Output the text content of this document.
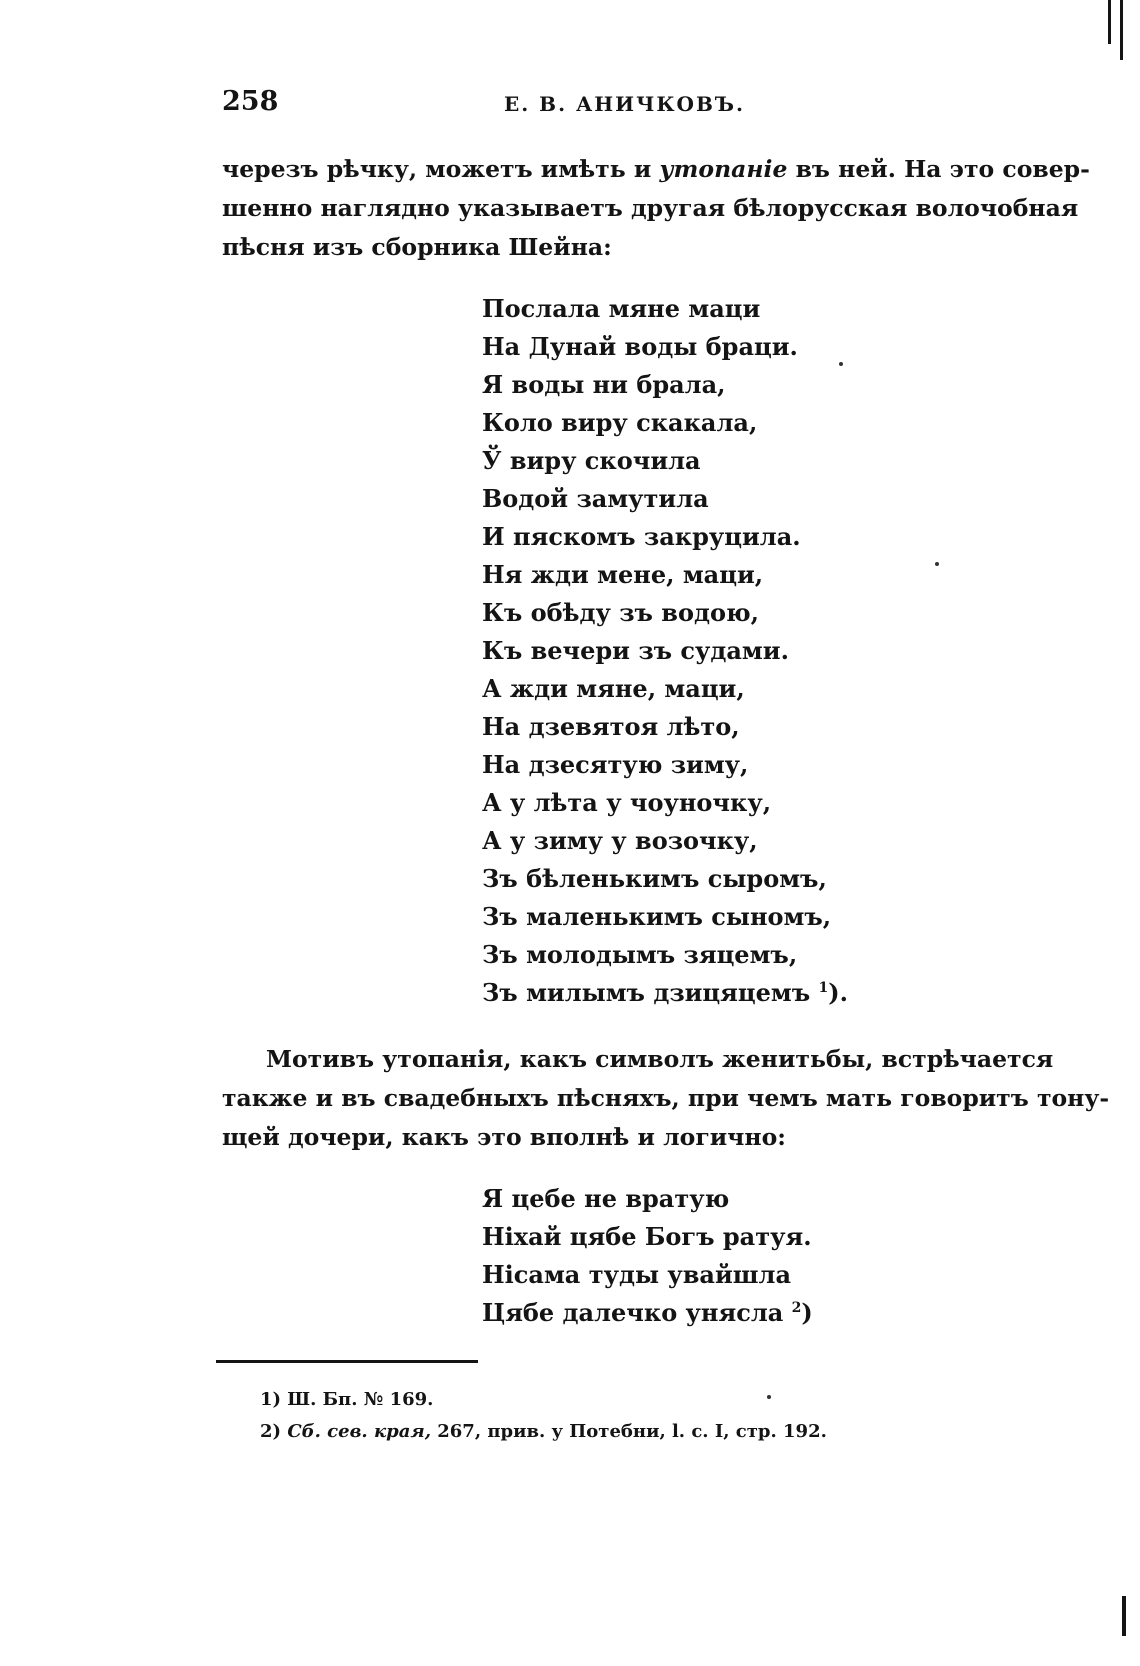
258	Е. В. АНИЧКОВЪ.
черезъ рѣчку, можетъ имѣть и утопаніе въ ней. На это совер-
шенно наглядно указываетъ другая бѣлорусская волочобная
пѣсня изъ сборника Шейна:
Послала мяне маци
На Дунай воды браци.
Я воды ни брала,
Коло виру скакала,
Ў виру скочила
Водой замутила
И пяскомъ закруцила.
Ня жди мене, маци,
Къ обѣду зъ водою,
Къ вечери зъ судами.
А жди мяне, маци,
На дзевятоя лѣто,
На дзесятую зиму,
А у лѣта у чоуночку,
А у зиму у возочку,
Зъ бѣленькимъ сыромъ,
Зъ маленькимъ сыномъ,
Зъ молодымъ зяцемъ,
Зъ милымъ дзицяцемъ $^1$).
Мотивъ утопанія, какъ символъ женитьбы, встрѣчается
также и въ свадебныхъ пѣсняхъ, при чемъ мать говоритъ тону-
щей дочери, какъ это вполнѣ и логично:
Я цебе не вратую
Ніхай цябе Богъ ратуя.
Нісама туды увайшла
Цябе далечко унясла $^2$)
1) Ш. Бп. № 169.
2) Сб. сев. края, 267, прив. у Потебни, l. c. I, стр. 192.
